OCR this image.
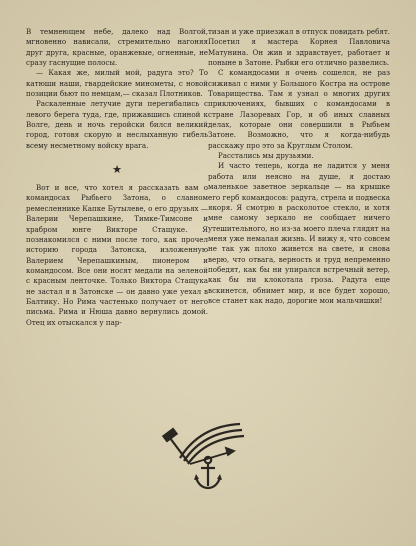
В темнеющем небе, далеко над Волгой, мгновенно нависали, стремительно нагоняя друг друга, красные, оранжевые, огненные, не сразу гаснущие полосы.

— Какая же, милый мой, радуга это? То катюши наши, гвардейские минометы, с новой позиции бьют по немцам,— сказал Плотников.

Раскаленные летучие дуги перегибались с левого берега туда, где, прижавшись спиной к Волге, день и ночь геройски бился великий город, готовя скорую и неслыханную гибель всему несметному войску врага.

★

Вот и все, что хотел я рассказать вам о командосах Рыбьего Затона, о славном ремесленнике Капке Бутылеве, о его друзьях — Валерии Черепашкине, Тимке-Тимсоне и храбром юнге Викторе Стащуке. Я познакомился с ними после того, как прочел историю города Затонска, изложенную Валерием Черепашкиным, пионером и командосом. Все они носят медали на зеленой с красным ленточке. Только Виктора Стащука не застал я в Затонске — он давно уже уехал в Балтику. Но Рима частенько получает от него письма. Рима и Нюша давно вернулись домой. Отец их отыскался у пар-

тизан и уже приезжал в отпуск повидать ребят. Посетил я мастера Корнея Павловича Матунина. Он жив и здравствует, работает и поныне в Затоне. Рыбки его отлично развелись.

С командосами я очень сошелся, не раз сиживал с ними у Большого Костра на острове Товарищества. Там я узнал о многих других приключениях, бывших с командосами в стране Лазоревых Гор, и об иных славных делах, которые они совершили в Рыбьем Затоне. Возможно, что я когда-нибудь расскажу про это за Круглым Столом.

Расстались мы друзьями.

И часто теперь, когда не ладится у меня работа или неясно на душе, я достаю маленькое заветное зеркальце — на крышке его герб командосов: радуга, стрела и подвеска якоря. Я смотрю в расколотое стекло, и хотя мне самому зеркало не сообщает ничего утешительного, но из-за моего плеча глядят на меня уже немалая жизнь. И вижу я, что совсем не так уж плохо живется на свете, и снова верю, что отвага, верность и труд непременно победят, как бы ни упирался встречный ветер, как бы ни клокотала гроза. Радуга еще вскинется, обнимет мир, и все будет хорошо, все станет как надо, дорогие мои мальчишки!
